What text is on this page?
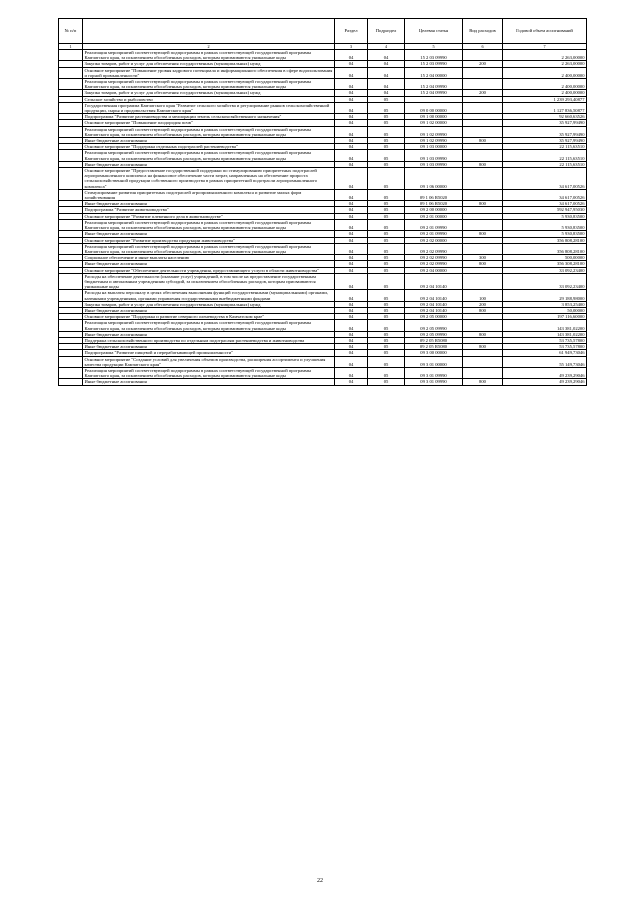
№ п/п		Раздел	Подраздел	Целевая статья	Вид расходов	Годовой объем ассигнований
1	2	3	4	5	6	7
	Реализация мероприятий соответствующей подпрограммы в рамках соответствующей государственной программы Камчатского края, за исключением обособленных расходов, которым присваиваются уникальные коды	04	04	15 2 03 09990		2 263,00000
	Закупка товаров, работ и услуг для обеспечения государственных (муниципальных) нужд	04	04	15 2 03 09990	200	2 263,00000
	Основное мероприятие "Повышение уровня кадрового потенциала и информационного обеспечения в сфере водопользования и горной промышленности"	04	04	15 2 04 00000		2 400,00000
	Реализация мероприятий соответствующей подпрограммы в рамках соответствующей государственной программы Камчатского края, за исключением обособленных расходов, которым присваиваются уникальные коды	04	04	15 2 04 09990		2 400,00000
	Закупка товаров, работ и услуг для обеспечения государственных (муниципальных) нужд	04	04	15 2 04 09990	200	2 400,00000
	Сельское хозяйство и рыболовство	04	05			1 239 293,40877
	Государственная программа Камчатского края "Развитие сельского хозяйства и регулирование рынков сельскохозяйственной продукции, сырья и продовольствия Камчатского края"	04	05	09 0 00 00000		1 127 836,50877
	Подпрограмма "Развитие растениеводства и мелиорации земель сельскохозяйственного назначения"	04	05	09 1 00 00000		92 660,63526
	Основное мероприятие "Повышение плодородия почв"	04	05	09 1 02 00000		35 927,99490
	Реализация мероприятий соответствующей подпрограммы в рамках соответствующей государственной программы Камчатского края, за исключением обособленных расходов, которым присваиваются уникальные коды	04	05	09 1 02 09990		35 927,99490
	Иные бюджетные ассигнования	04	05	09 1 02 09990	800	35 927,99490
	Основное мероприятие "Поддержка отдельных подотраслей растениеводства"	04	05	09 1 03 00000		22 115,63510
	Реализация мероприятий соответствующей подпрограммы в рамках соответствующей государственной программы Камчатского края, за исключением обособленных расходов, которым присваиваются уникальные коды	04	05	09 1 03 09990		22 115,63510
	Иные бюджетные ассигнования	04	05	09 1 03 09990	800	22 115,63510
	Основное мероприятие "Предоставление государственной поддержки по стимулированию приоритетных подотраслей агропромышленного комплекса на финансовое обеспечение части затрат, направленных на обеспечение прироста сельскохозяйственной продукции собственного производства в рамках приоритетной подотрасли агропромышленного комплекса"	04	05	09 1 06 00000		34 617,00526
	Стимулирование развития приоритетных подотраслей агропромышленного комплекса и развитие малых форм хозяйствования	04	05	09 1 06 R5020		34 617,00526
	Иные бюджетные ассигнования	04	05	09 1 06 R5020	800	34 617,00526
	Подпрограмма "Развитие животноводства"	04	05	09 2 00 00000		592 947,95030
	Основное мероприятие "Развитие племенного дела в животноводстве"	04	05	09 2 01 00000		5 930,83500
	Реализация мероприятий соответствующей подпрограммы в рамках соответствующей государственной программы Камчатского края, за исключением обособленных расходов, которым присваиваются уникальные коды	04	05	09 2 01 09990		5 930,83500
	Иные бюджетные ассигнования	04	05	09 2 01 09990	800	5 930,83500
	Основное мероприятие "Развитие производства продукции животноводства"	04	05	09 2 02 00000		356 808,28100
	Реализация мероприятий соответствующей подпрограммы в рамках соответствующей государственной программы Камчатского края, за исключением обособленных расходов, которым присваиваются уникальные коды	04	05	09 2 02 09990		356 808,28100
	Социальное обеспечение и иные выплаты населению	04	05	09 2 02 09990	300	500,00000
	Иные бюджетные ассигнования	04	05	09 2 02 09990	800	356 308,28100
	Основное мероприятие "Обеспечение деятельности учреждения, предоставляющего услуги в области животноводства"	04	05	09 2 04 00000		33 092,23400
	Расходы на обеспечение деятельности (оказание услуг) учреждений, в том числе на предоставление государственным бюджетным и автономным учреждениям субсидий, за исключением обособленных расходов, которым присваиваются уникальные коды	04	05	09 2 04 10140		33 092,23400
	Расходы на выплаты персоналу в целях обеспечения выполнения функций государственными (муниципальными) органами, казенными учреждениями, органами управления государственными внебюджетными фондами	04	05	09 2 04 10140	100	29 188,98000
	Закупка товаров, работ и услуг для обеспечения государственных (муниципальных) нужд	04	05	09 2 04 10140	200	3 853,25400
	Иные бюджетные ассигнования	04	05	09 2 04 10140	800	50,00000
	Основное мероприятие "Поддержка и развитие северного оленеводства в Камчатском крае"	04	05	09 2 05 00000		197 116,60000
	Реализация мероприятий соответствующей подпрограммы в рамках соответствующей государственной программы Камчатского края, за исключением обособленных расходов, которым присваиваются уникальные коды	04	05	09 2 05 09990		143 381,02200
	Иные бюджетные ассигнования	04	05	09 2 05 09990	800	143 381,02200
	Поддержка сельскохозяйственного производства по отдельным подотраслям растениеводства и животноводства	04	05	09 2 05 R5080		53 735,57800
	Иные бюджетные ассигнования	04	05	09 2 05 R5080	800	53 735,57800
	Подпрограмма "Развитие пищевой и перерабатывающей промышленности"	04	05	09 3 00 00000		61 949,73046
	Основное мероприятие "Создание условий для увеличения объемов производства, расширения ассортимента и улучшения качества продукции Камчатского края"	04	05	09 3 01 00000		55 149,73046
	Реализация мероприятий соответствующей подпрограммы в рамках соответствующей государственной программы Камчатского края, за исключением обособленных расходов, которым присваиваются уникальные коды	04	05	09 3 01 09990		49 239,29046
	Иные бюджетные ассигнования	04	05	09 3 01 09990	800	49 239,29046
22
